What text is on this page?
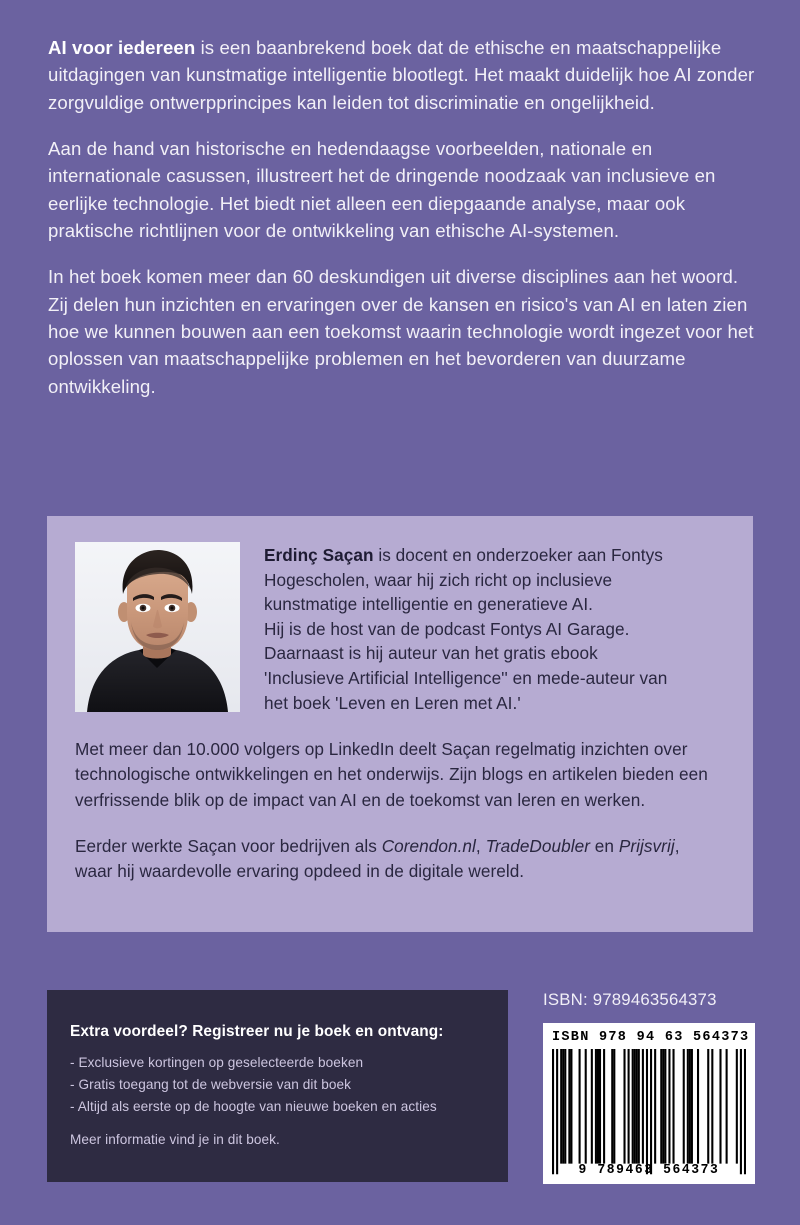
AI voor iedereen is een baanbrekend boek dat de ethische en maatschappelijke uitdagingen van kunstmatige intelligentie blootlegt. Het maakt duidelijk hoe AI zonder zorgvuldige ontwerpprincipes kan leiden tot discriminatie en ongelijkheid.

Aan de hand van historische en hedendaagse voorbeelden, nationale en internationale casussen, illustreert het de dringende noodzaak van inclusieve en eerlijke technologie. Het biedt niet alleen een diepgaande analyse, maar ook praktische richtlijnen voor de ontwikkeling van ethische AI-systemen.

In het boek komen meer dan 60 deskundigen uit diverse disciplines aan het woord. Zij delen hun inzichten en ervaringen over de kansen en risico's van AI en laten zien hoe we kunnen bouwen aan een toekomst waarin technologie wordt ingezet voor het oplossen van maatschappelijke problemen en het bevorderen van duurzame ontwikkeling.

Erdinç Saçan is docent en onderzoeker aan Fontys
Hogescholen, waar hij zich richt op inclusieve
kunstmatige intelligentie en generatieve AI.
Hij is de host van de podcast Fontys AI Garage.
Daarnaast is hij auteur van het gratis ebook
'Inclusieve Artificial Intelligence'' en mede-auteur van
het boek 'Leven en Leren met AI.'

Met meer dan 10.000 volgers op LinkedIn deelt Saçan regelmatig inzichten over technologische ontwikkelingen en het onderwijs. Zijn blogs en artikelen bieden een verfrissende blik op de impact van AI en de toekomst van leren en werken.

Eerder werkte Saçan voor bedrijven als Corendon.nl, TradeDoubler en Prijsvrij, waar hij waardevolle ervaring opdeed in de digitale wereld.

Extra voordeel? Registreer nu je boek en ontvang:
- Exclusieve kortingen op geselecteerde boeken
- Gratis toegang tot de webversie van dit boek
- Altijd als eerste op de hoogte van nieuwe boeken en acties
Meer informatie vind je in dit boek.
ISBN: 9789463564373
ISBN 978 94 63 564373
9 789463 564373
